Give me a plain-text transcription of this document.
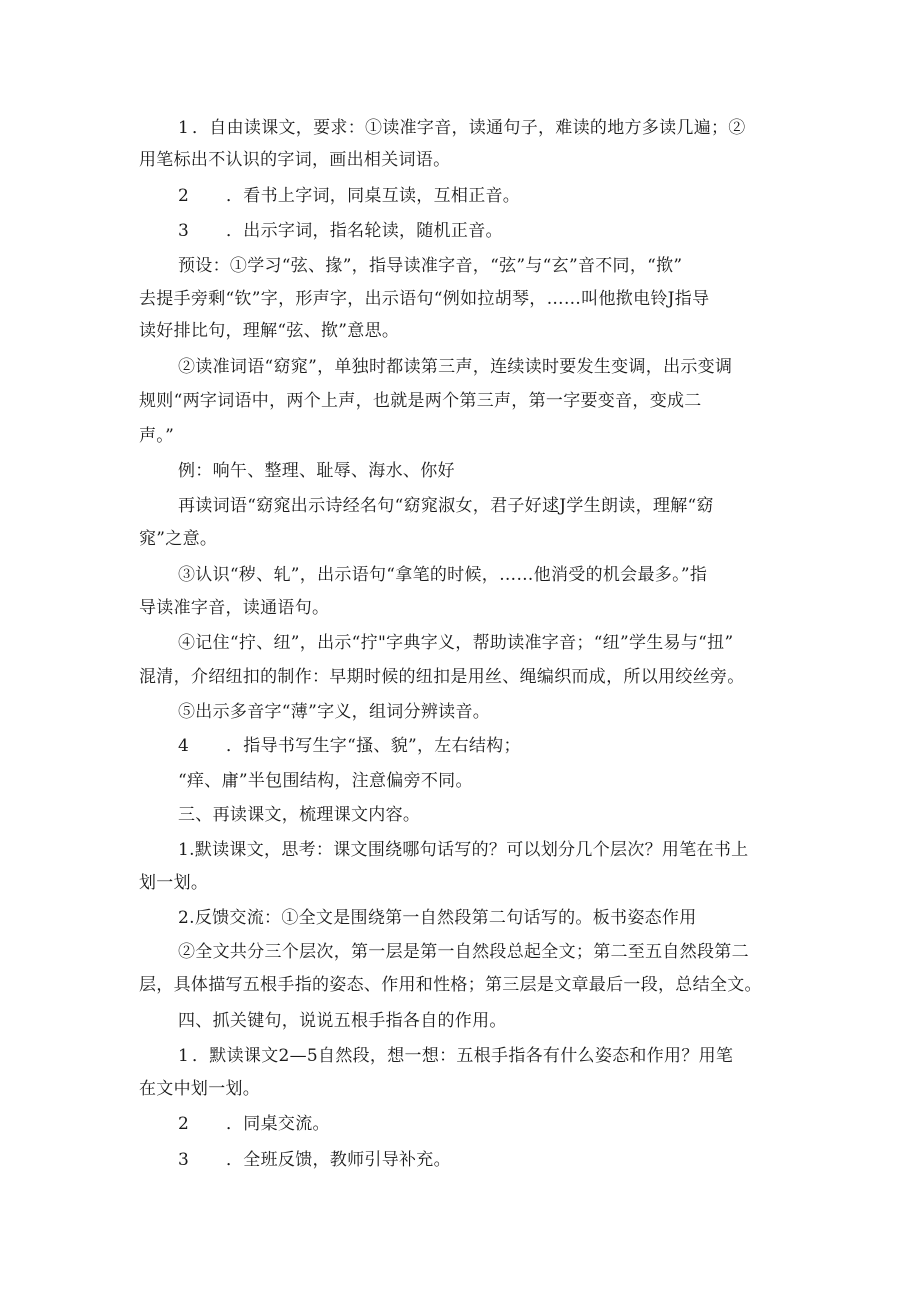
1 ．自由读课文，要求：①读准字音，读通句子，难读的地方多读几遍；②
用笔标出不认识的字词，画出相关词语。
2 ．看书上字词，同桌互读，互相正音。
3 ．出示字词，指名轮读，随机正音。
预设：①学习“弦、掾”，指导读准字音，“弦”与“玄”音不同，“揿”
去提手旁剩“钦”字，形声字，出示语句“例如拉胡琴，……叫他揿电铃J指导
读好排比句，理解“弦、揿”意思。
②读准词语“窈窕”，单独时都读第三声，连续读时要发生变调，出示变调
规则“两字词语中，两个上声，也就是两个第三声，第一字要变音，变成二
声。”
例：响午、整理、耻辱、海水、你好
再读词语“窈窕出示诗经名句“窈窕淑女，君子好逑J学生朗读，理解“窈
窕”之意。
③认识“秽、轧”，出示语句“拿笔的时候，……他消受的机会最多。”指
导读准字音，读通语句。
④记住“拧、纽”，出示“拧"字典字义，帮助读准字音；“纽”学生易与“扭”
混清，介绍纽扣的制作：早期时候的纽扣是用丝、绳编织而成，所以用绞丝旁。
⑤出示多音字“薄”字义，组词分辨读音。
4 ．指导书写生字“搔、貌”，左右结构；
“痒、庸”半包围结构，注意偏旁不同。
三、再读课文，梳理课文内容。
1.默读课文，思考：课文围绕哪句话写的？可以划分几个层次？用笔在书上
划一划。
2.反馈交流：①全文是围绕第一自然段第二句话写的。板书姿态作用
②全文共分三个层次，第一层是第一自然段总起全文；第二至五自然段第二
层，具体描写五根手指的姿态、作用和性格；第三层是文章最后一段，总结全文。
四、抓关键句，说说五根手指各自的作用。
1 ．默读课文2—5自然段，想一想：五根手指各有什么姿态和作用？用笔
在文中划一划。
2 ．同桌交流。
3 ．全班反馈，教师引导补充。
